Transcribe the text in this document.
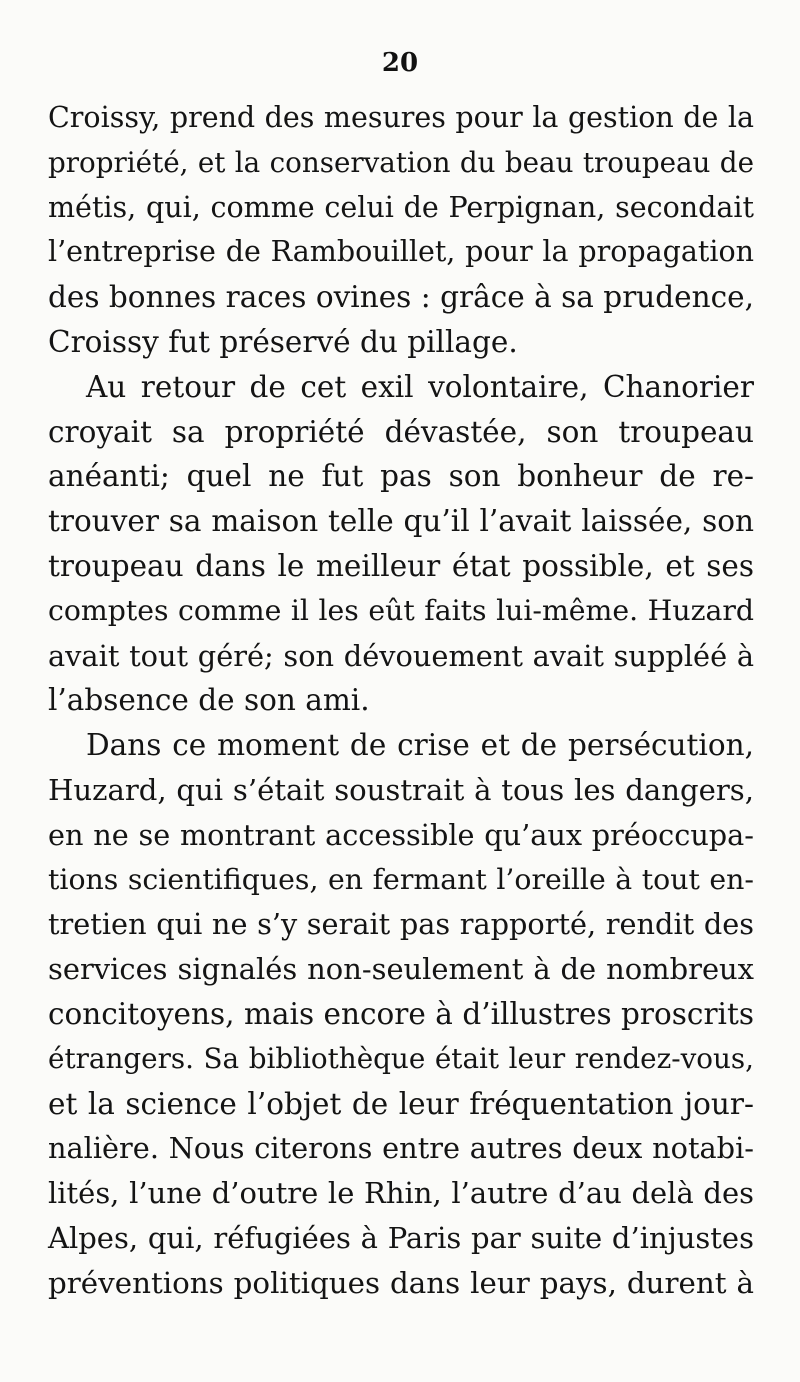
20
Croissy, prend des mesures pour la gestion de la
propriété, et la conservation du beau troupeau de
métis, qui, comme celui de Perpignan, secondait
l’entreprise de Rambouillet, pour la propagation
des bonnes races ovines : grâce à sa prudence,
Croissy fut préservé du pillage.
Au retour de cet exil volontaire, Chanorier
croyait sa propriété dévastée, son troupeau
anéanti; quel ne fut pas son bonheur de re-
trouver sa maison telle qu’il l’avait laissée, son
troupeau dans le meilleur état possible, et ses
comptes comme il les eût faits lui-même. Huzard
avait tout géré; son dévouement avait suppléé à
l’absence de son ami.
Dans ce moment de crise et de persécution,
Huzard, qui s’était soustrait à tous les dangers,
en ne se montrant accessible qu’aux préoccupa-
tions scientifiques, en fermant l’oreille à tout en-
tretien qui ne s’y serait pas rapporté, rendit des
services signalés non-seulement à de nombreux
concitoyens, mais encore à d’illustres proscrits
étrangers. Sa bibliothèque était leur rendez-vous,
et la science l’objet de leur fréquentation jour-
nalière. Nous citerons entre autres deux notabi-
lités, l’une d’outre le Rhin, l’autre d’au delà des
Alpes, qui, réfugiées à Paris par suite d’injustes
préventions politiques dans leur pays, durent à
